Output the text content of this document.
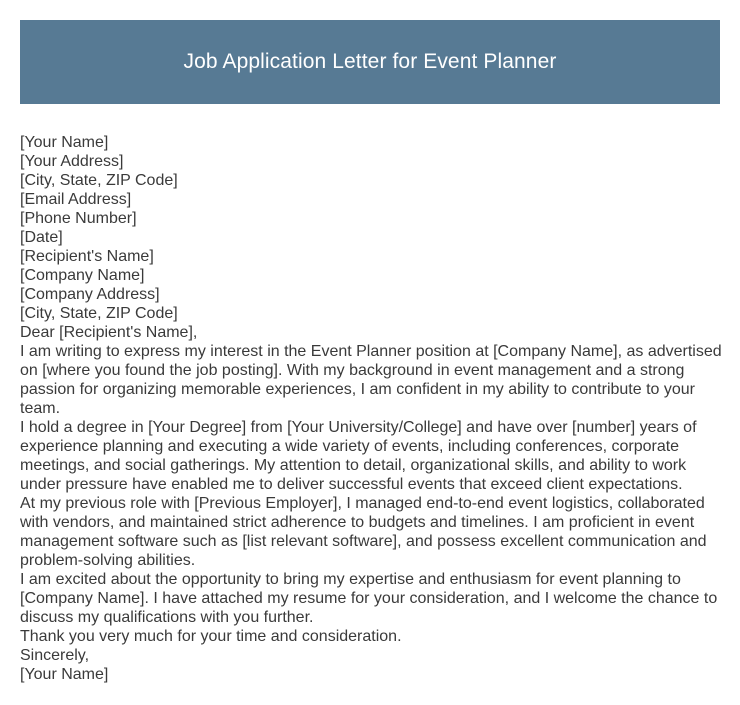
Job Application Letter for Event Planner
[Your Name]
[Your Address]
[City, State, ZIP Code]
[Email Address]
[Phone Number]
[Date]
[Recipient's Name]
[Company Name]
[Company Address]
[City, State, ZIP Code]
Dear [Recipient's Name],

I am writing to express my interest in the Event Planner position at [Company Name], as advertised on [where you found the job posting]. With my background in event management and a strong passion for organizing memorable experiences, I am confident in my ability to contribute to your team.

I hold a degree in [Your Degree] from [Your University/College] and have over [number] years of experience planning and executing a wide variety of events, including conferences, corporate meetings, and social gatherings. My attention to detail, organizational skills, and ability to work under pressure have enabled me to deliver successful events that exceed client expectations.

At my previous role with [Previous Employer], I managed end-to-end event logistics, collaborated with vendors, and maintained strict adherence to budgets and timelines. I am proficient in event management software such as [list relevant software], and possess excellent communication and problem-solving abilities.

I am excited about the opportunity to bring my expertise and enthusiasm for event planning to [Company Name]. I have attached my resume for your consideration, and I welcome the chance to discuss my qualifications with you further.

Thank you very much for your time and consideration.

Sincerely,
[Your Name]
